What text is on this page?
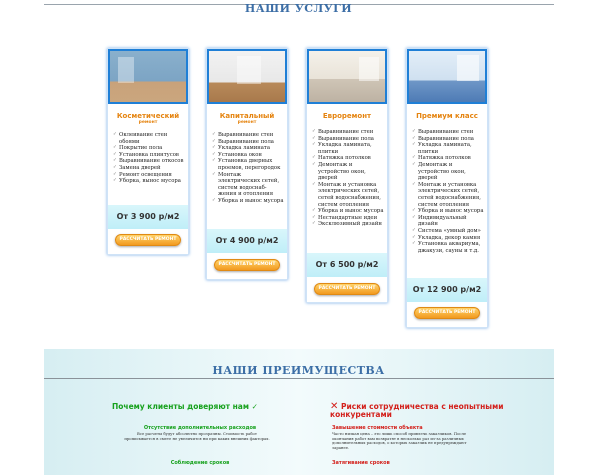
НАШИ УСЛУГИ
Косметический
ремонт
✓ Оклеивание стен обоями
✓ Покрытие пола
✓ Установка плинтусов
✓ Выравнивание откосов
✓ Замена дверей
✓ Ремонт освещения
✓ Уборка, вынос мусора
От 3 900 р/м2
РАССЧИТАТЬ РЕМОНТ
Капитальный
ремонт
✓ Выравнивание стен
✓ Выравнивание пола
✓ Укладка ламината
✓ Установка окон
✓ Установка дверных проемов, перегородок
✓ Монтаж электрических сетей, систем водоснаб-жения и отопления
✓ Уборка и вынос мусора
От 4 900 р/м2
РАССЧИТАТЬ РЕМОНТ
Евроремонт
✓ Выравнивание стен
✓ Выравнивание пола
✓ Укладка ламината, плитки
✓ Натяжка потолков
✓ Демонтаж и устройство окон, дверей
✓ Монтаж и установка электрических сетей, сетей водоснабжения, систем отопления
✓ Уборка и вынос мусора
✓ Нестандартные идеи
✓ Эксклюзивный дизайн
От 6 500 р/м2
РАССЧИТАТЬ РЕМОНТ
Премиум класс
✓ Выравнивание стен
✓ Выравнивание пола
✓ Укладка ламината, плитки
✓ Натяжка потолков
✓ Демонтаж и устройство окон, дверей
✓ Монтаж и установка электрических сетей, сетей водоснабжения, систем отопления
✓ Уборка и вынос мусора
✓ Индивидуальный дизайн
✓ Система «умный дом»
✓ Укладка, декор камня
✓ Установка аквариума, джакузи, сауны и т.д.
От 12 900 р/м2
РАССЧИТАТЬ РЕМОНТ
НАШИ ПРЕИМУЩЕСТВА
Почему клиенты доверяют нам ✓
Отсутствие дополнительных расходов
Все расчеты будут абсолютно прозрачны. Стоимость работ прописывается в смете не увеличится ни при каких внешних факторах.
Соблюдение сроков
✕ Риски сотрудничества с неопытными конкурентами
Завышение стоимости объекта
Часто низкая цена – это лишь способ привлечь заказчиков. После окончания работ вам возвратят в несколько раз из-за различных дополнительных расходов, о которых заказчик не предупреждают заранее.
Затягивание сроков
